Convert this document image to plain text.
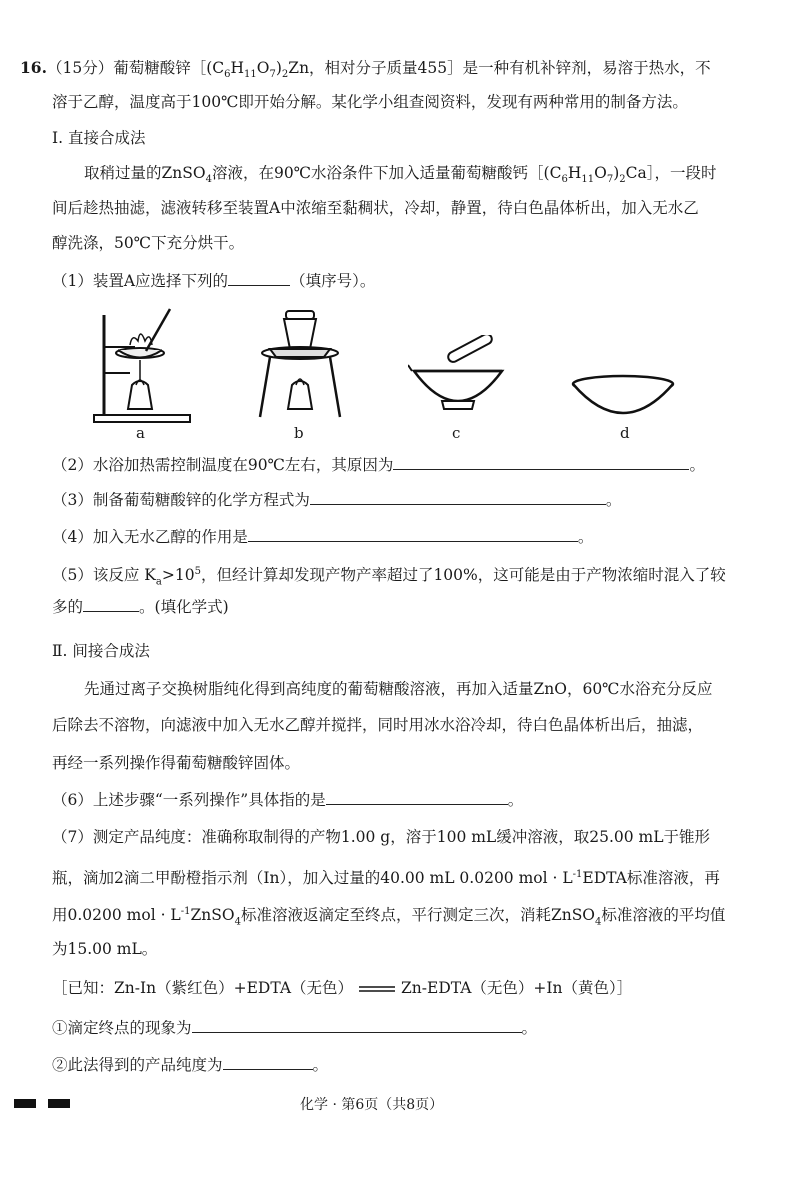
16.（15分）葡萄糖酸锌$[(C_6H_{11}O_7)_2Zn$，相对分子质量455］是一种有机补锌剂，易溶于热水，不
溶于乙醇，温度高于100℃即开始分解。某化学小组查阅资料，发现有两种常用的制备方法。
Ⅰ. 直接合成法
取稍过量的ZnSO$_4$溶液，在90℃水浴条件下加入适量葡萄糖酸钙$[(C_6H_{11}O_7)_2Ca]$，一段时
间后趁热抽滤，滤液转移至装置A中浓缩至黏稠状，冷却，静置，待白色晶体析出，加入无水乙
醇洗涤，50℃下充分烘干。
（1）装置A应选择下列的	（填序号）。
a	b	c	d
（2）水浴加热需控制温度在90℃左右，其原因为	。
（3）制备葡萄糖酸锌的化学方程式为	。
（4）加入无水乙醇的作用是	。
（5）该反应 $K_a>10^5$，但经计算却发现产物产率超过了100%，这可能是由于产物浓缩时混入了较
多的	。(填化学式)
Ⅱ. 间接合成法
先通过离子交换树脂纯化得到高纯度的葡萄糖酸溶液，再加入适量ZnO，60℃水浴充分反应
后除去不溶物，向滤液中加入无水乙醇并搅拌，同时用冰水浴冷却，待白色晶体析出后，抽滤，
再经一系列操作得葡萄糖酸锌固体。
（6）上述步骤“一系列操作”具体指的是	。
（7）测定产品纯度：准确称取制得的产物1.00 g，溶于100 mL缓冲溶液，取25.00 mL于锥形
瓶，滴加2滴二甲酚橙指示剂（In），加入过量的40.00 mL 0.0200 mol · $L^{-1}EDTA$标准溶液，再
用0.0200 mol · $L^{-1}ZnSO_4$标准溶液返滴定至终点，平行测定三次，消耗ZnSO$_4$标准溶液的平均值
为15.00 mL。
［已知：Zn-In（紫红色）+EDTA（无色）	Zn-EDTA（无色）+In（黄色）］
①滴定终点的现象为	。
②此法得到的产品纯度为	。
化学 · 第6页（共8页）
